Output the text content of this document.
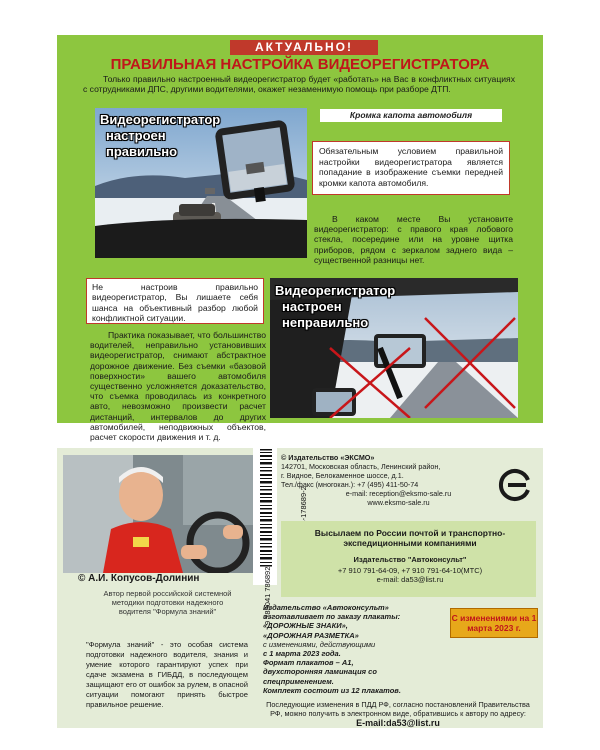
АКТУАЛЬНО!
ПРАВИЛЬНАЯ НАСТРОЙКА ВИДЕОРЕГИСТРАТОРА
Только правильно настроенный видеорегистратор будет «работать» на Вас в конфликтных ситуациях с сотрудниками ДПС, другими водителями, окажет незаменимую помощь при разборе ДТП.
Видеорегистратор
настроен
правильно
Кромка капота автомобиля
Обязательным условием правильной настройки видеорегистратора является попадание в изображение съемки передней кромки капота автомобиля.
В каком месте Вы установите видеорегистратор: с правого края лобового стекла, посередине или на уровне щитка приборов, рядом с зеркалом заднего вида – существенной разницы нет.
Не настроив правильно видеорегистратор, Вы лишаете себя шанса на объективный разбор любой конфликтной ситуации.
Видеорегистратор
настроен
неправильно
Практика показывает, что большинство водителей, неправильно установивших видеорегистратор, снимают абстрактное дорожное движение. Без съемки «базовой поверхности» вашего автомобиля существенно усложняется доказательство, что съемка проводилась из конкретного авто, невозможно произвести расчет дистанций, интервалов до других автомобилей, неподвижных объектов, расчет скорости движения и т. д.
© А.И. Копусов-Долинин
Автор первой российской системной методики подготовки надежного водителя "Формула знаний"
"Формула знаний" - это особая система подготовки надежного водителя, знания и умение которого гарантируют успех при сдаче экзамена в ГИБДД, в последующем защищают его от ошибок за рулем, в опасной ситуации помогают принять быстрое правильное решение.
9 785041 786892
© Издательство «ЭКСМО»
142701, Московская область, Ленинский район,
г. Видное, Белокаменное шоссе, д.1.
Тел./факс (многокан.): +7 (495) 411-50-74
e-mail: reception@eksmo-sale.ru
www.eksmo-sale.ru
Высылаем по России почтой и транспортно-экспедиционными компаниями
Издательство "Автоконсульт"
+7 910 791-64-09, +7 910 791-64-10(МТС)
e-mail: da53@list.ru
Издательство «Автоконсульт»
изготавливает по заказу плакаты:
«ДОРОЖНЫЕ ЗНАКИ»,
«ДОРОЖНАЯ РАЗМЕТКА»
с изменениями, действующими
с 1 марта 2023 года.
Формат плакатов – А1,
двухсторонняя ламинация со спецприменением.
Комплект состоит из 12 плакатов.
С изменениями на 1 марта 2023 г.
Последующие изменения в ПДД РФ, согласно постановлений Правительства РФ, можно получить в электронном виде, обратившись к автору по адресу:
E-mail:da53@list.ru
